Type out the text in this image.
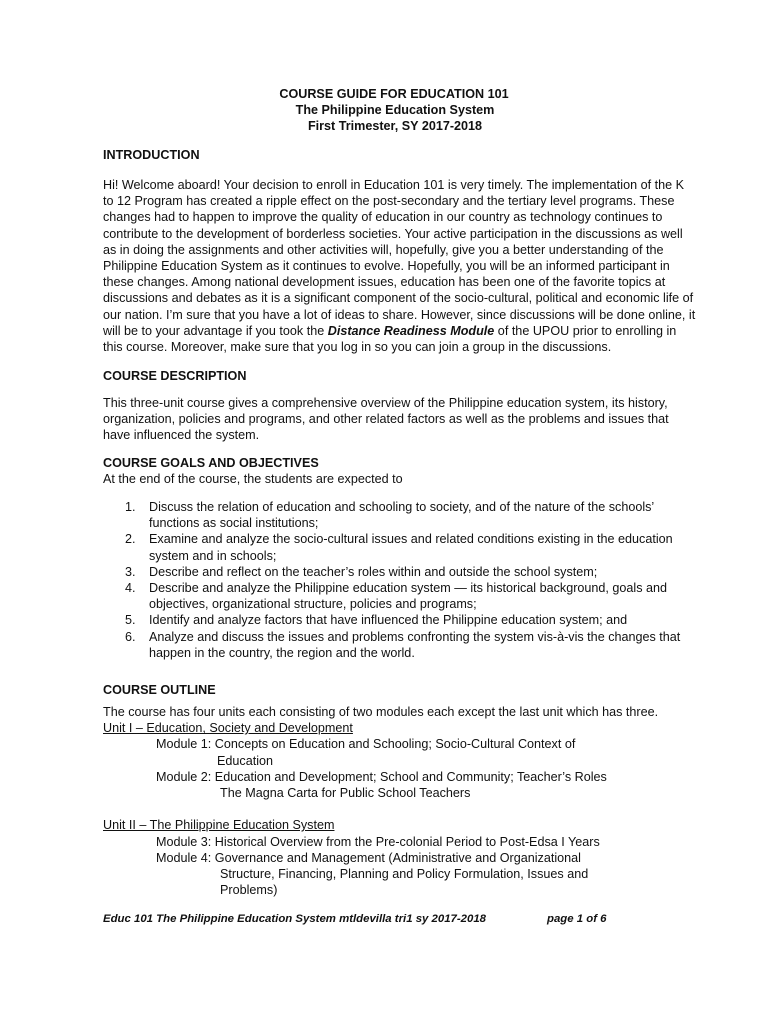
COURSE GUIDE FOR EDUCATION 101
The Philippine Education System
First Trimester, SY 2017-2018
INTRODUCTION
Hi! Welcome aboard! Your decision to enroll in Education 101 is very timely. The implementation of the K
to 12 Program has created a ripple effect on the post-secondary and the tertiary level programs. These
changes had to happen to improve the quality of education in our country as technology continues to
contribute to the development of borderless societies. Your active participation in the discussions as well
as in doing the assignments and other activities will, hopefully, give you a better understanding of the
Philippine Education System as it continues to evolve. Hopefully, you will be an informed participant in
these changes. Among national development issues, education has been one of the favorite topics at
discussions and debates as it is a significant component of the socio-cultural, political and economic life of
our nation. I’m sure that you have a lot of ideas to share. However, since discussions will be done online, it
will be to your advantage if you took the Distance Readiness Module of the UPOU prior to enrolling in
this course. Moreover, make sure that you log in so you can join a group in the discussions.
COURSE DESCRIPTION
This three-unit course gives a comprehensive overview of the Philippine education system, its history,
organization, policies and programs, and other related factors as well as the problems and issues that
have influenced the system.
COURSE GOALS AND OBJECTIVES

At the end of the course, the students are expected to

1. Discuss the relation of education and schooling to society, and of the nature of the schools’
functions as social institutions;
2. Examine and analyze the socio-cultural issues and related conditions existing in the education
system and in schools;
3. Describe and reflect on the teacher’s roles within and outside the school system;
4. Describe and analyze the Philippine education system — its historical background, goals and
objectives, organizational structure, policies and programs;
5. Identify and analyze factors that have influenced the Philippine education system; and
6. Analyze and discuss the issues and problems confronting the system vis-à-vis the changes that
happen in the country, the region and the world.
COURSE OUTLINE
The course has four units each consisting of two modules each except the last unit which has three.
Unit I – Education, Society and Development
Module 1: Concepts on Education and Schooling; Socio-Cultural Context of
Education
Module 2: Education and Development; School and Community; Teacher’s Roles
The Magna Carta for Public School Teachers
Unit II – The Philippine Education System
Module 3: Historical Overview from the Pre-colonial Period to Post-Edsa I Years
Module 4: Governance and Management (Administrative and Organizational
Structure, Financing, Planning and Policy Formulation, Issues and
Problems)
Educ 101 The Philippine Education System mtldevilla tri1 sy 2017-2018	page 1 of 6
